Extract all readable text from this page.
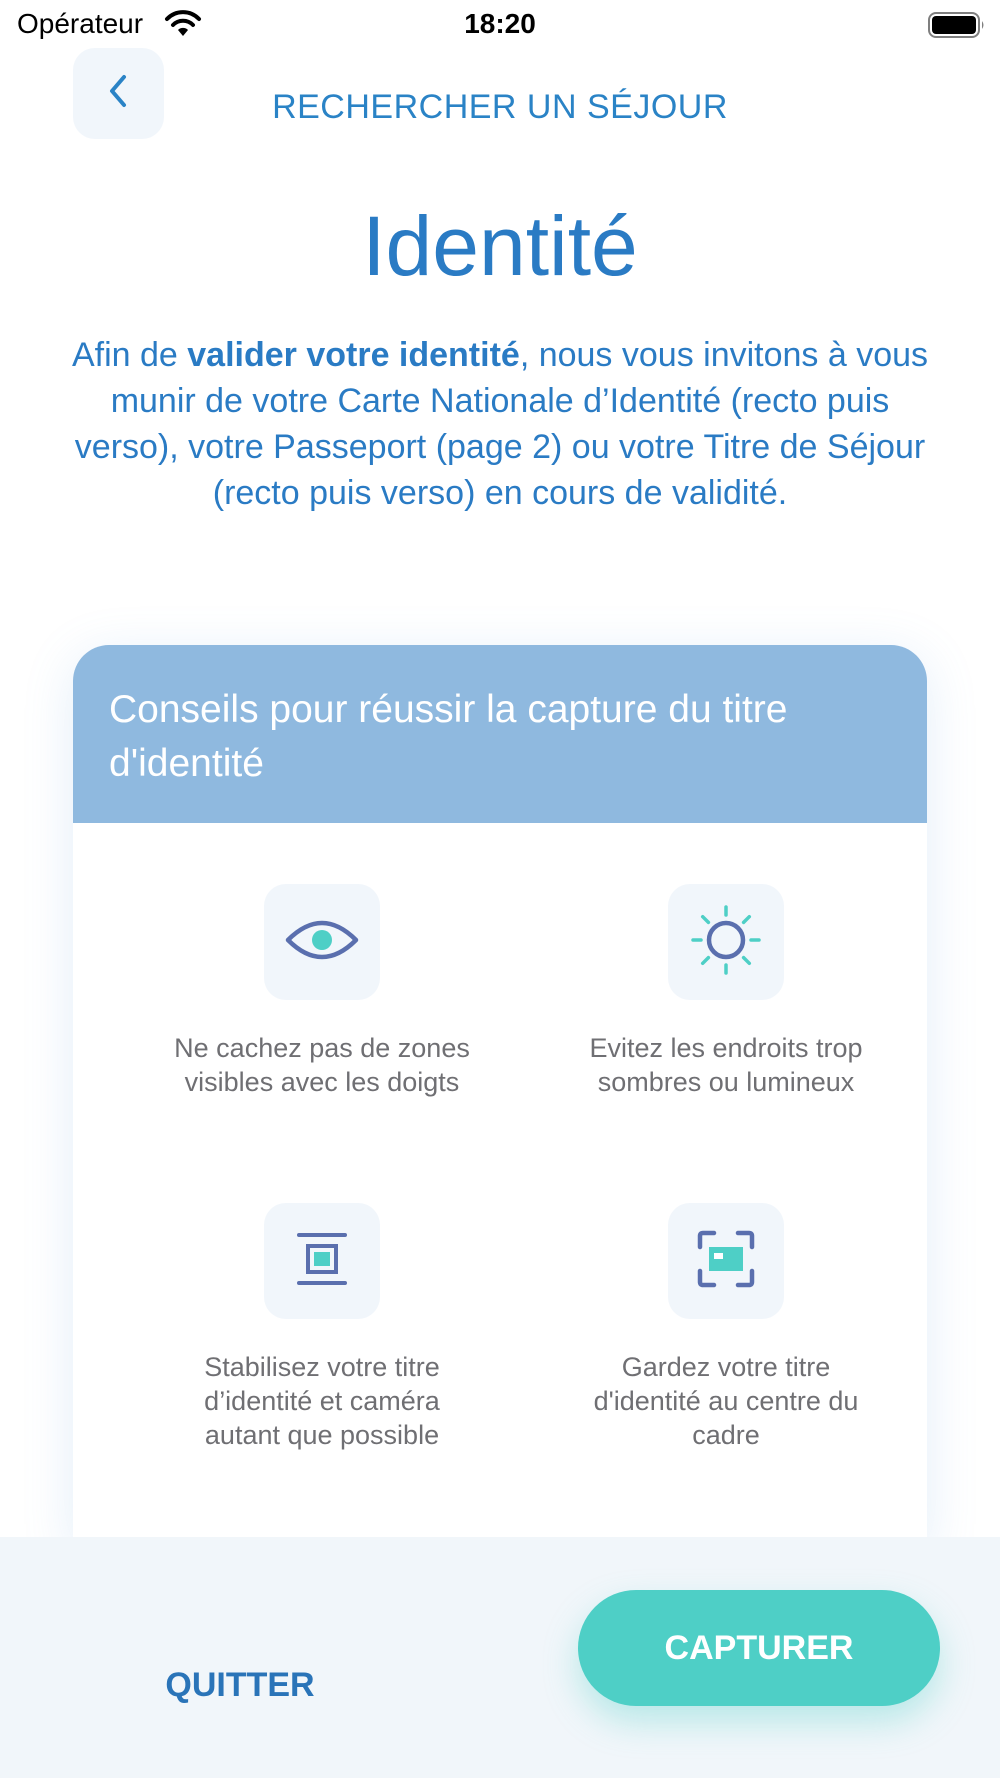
Opérateur	18:20
RECHERCHER UN SÉJOUR
Identité
Afin de valider votre identité, nous vous invitons à vous munir de votre Carte Nationale d’Identité (recto puis verso), votre Passeport (page 2) ou votre Titre de Séjour (recto puis verso) en cours de validité.
Conseils pour réussir la capture du titre d'identité
Ne cachez pas de zones visibles avec les doigts
Evitez les endroits trop sombres ou lumineux
Stabilisez votre titre d’identité et caméra autant que possible
Gardez votre titre d'identité au centre du cadre
QUITTER
CAPTURER
